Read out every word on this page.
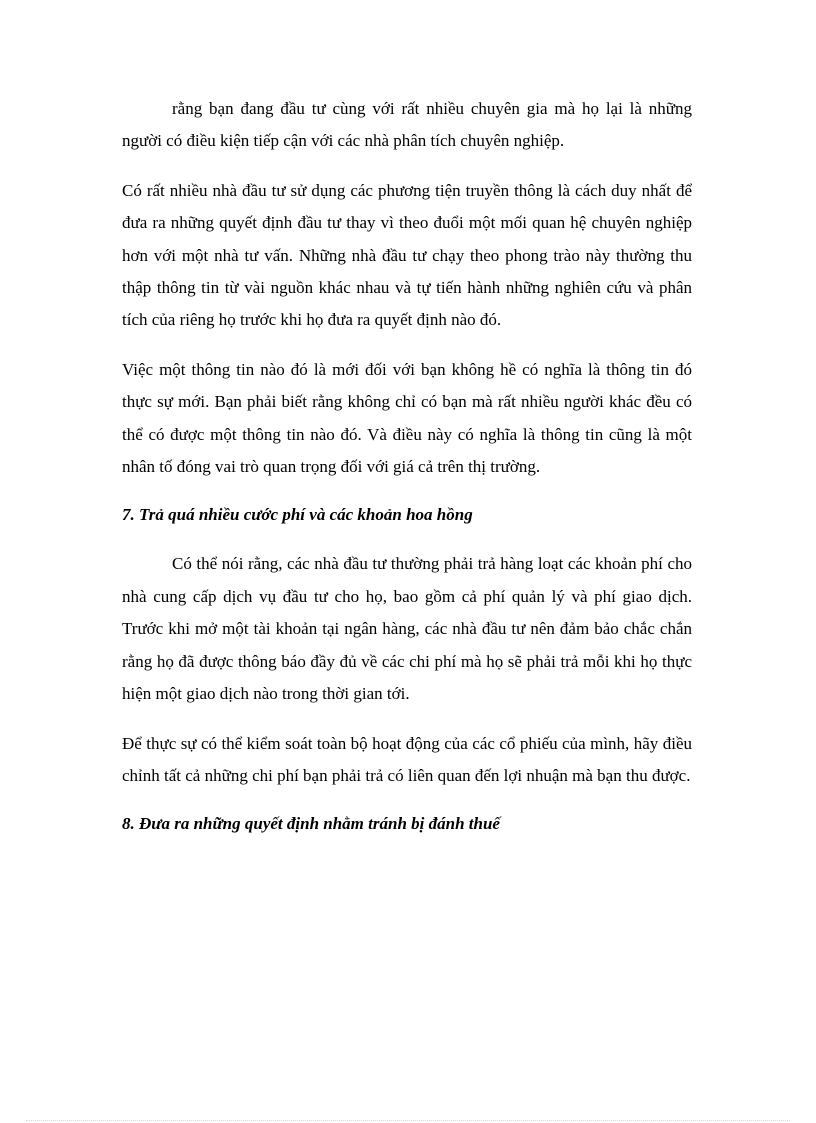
rằng bạn đang đầu tư cùng với rất nhiều chuyên gia mà họ lại là những người có điều kiện tiếp cận với các nhà phân tích chuyên nghiệp.

Có rất nhiều nhà đầu tư sử dụng các phương tiện truyền thông là cách duy nhất để đưa ra những quyết định đầu tư thay vì theo đuổi một mối quan hệ chuyên nghiệp hơn với một nhà tư vấn. Những nhà đầu tư chạy theo phong trào này thường thu thập thông tin từ vài nguồn khác nhau và tự tiến hành những nghiên cứu và phân tích của riêng họ trước khi họ đưa ra quyết định nào đó.

Việc một thông tin nào đó là mới đối với bạn không hề có nghĩa là thông tin đó thực sự mới. Bạn phải biết rằng không chỉ có bạn mà rất nhiều người khác đều có thể có được một thông tin nào đó. Và điều này có nghĩa là thông tin cũng là một nhân tố đóng vai trò quan trọng đối với giá cả trên thị trường.

7. Trả quá nhiều cước phí và các khoản hoa hồng

Có thể nói rằng, các nhà đầu tư thường phải trả hàng loạt các khoản phí cho nhà cung cấp dịch vụ đầu tư cho họ, bao gồm cả phí quản lý và phí giao dịch. Trước khi mở một tài khoản tại ngân hàng, các nhà đầu tư nên đảm bảo chắc chắn rằng họ đã được thông báo đầy đủ về các chi phí mà họ sẽ phải trả mỗi khi họ thực hiện một giao dịch nào trong thời gian tới.

Để thực sự có thể kiểm soát toàn bộ hoạt động của các cổ phiếu của mình, hãy điều chỉnh tất cả những chi phí bạn phải trả có liên quan đến lợi nhuận mà bạn thu được.

8. Đưa ra những quyết định nhằm tránh bị đánh thuế
